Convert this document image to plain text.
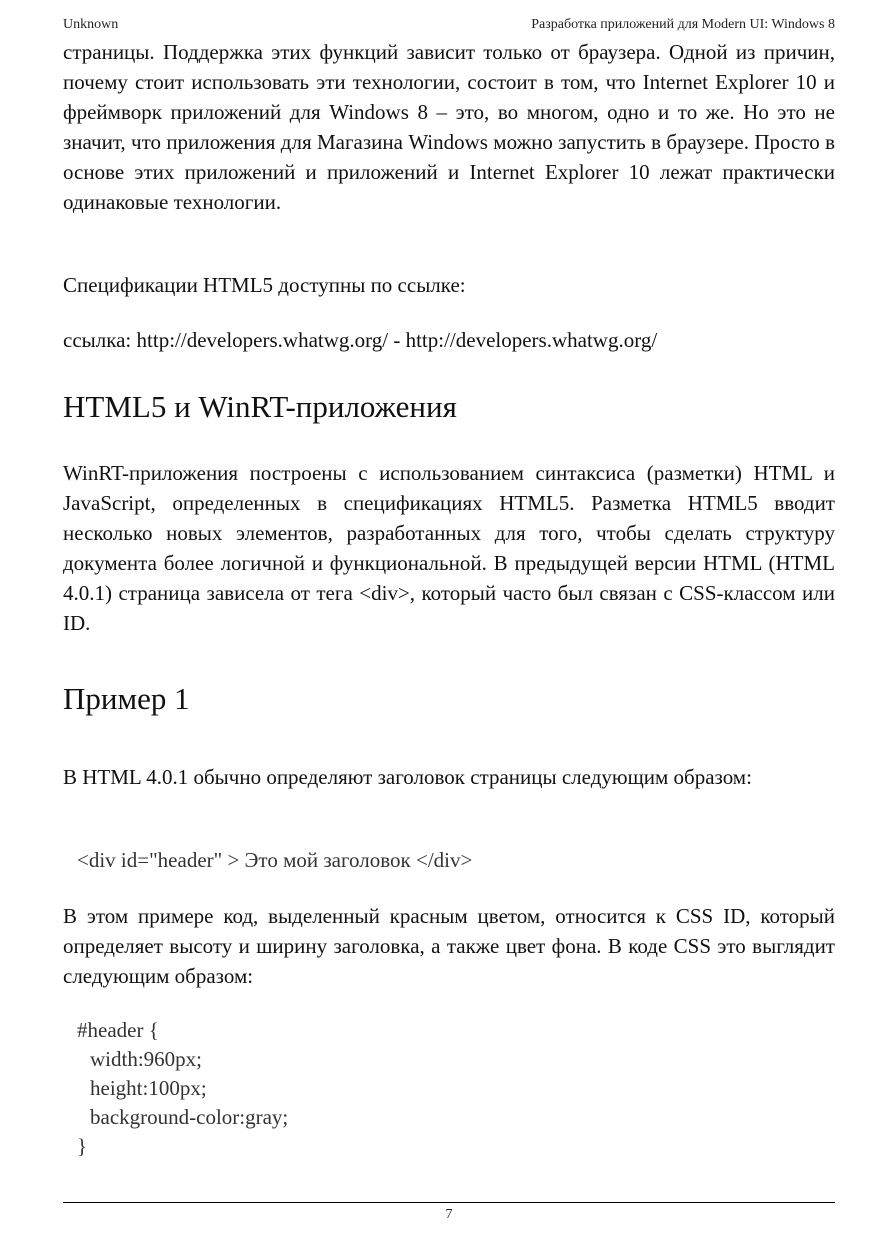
Unknown	Разработка приложений для Modern UI: Windows 8

страницы. Поддержка этих функций зависит только от браузера. Одной из причин, почему стоит использовать эти технологии, состоит в том, что Internet Explorer 10 и фреймворк приложений для Windows 8 – это, во многом, одно и то же. Но это не значит, что приложения для Магазина Windows можно запустить в браузере. Просто в основе этих приложений и приложений и Internet Explorer 10 лежат практически одинаковые технологии.

Спецификации HTML5 доступны по ссылке:

ссылка: http://developers.whatwg.org/ - http://developers.whatwg.org/

HTML5 и WinRT-приложения

WinRT-приложения построены с использованием синтаксиса (разметки) HTML и JavaScript, определенных в спецификациях HTML5. Разметка HTML5 вводит несколько новых элементов, разработанных для того, чтобы сделать структуру документа более логичной и функциональной. В предыдущей версии HTML (HTML 4.0.1) страница зависела от тега <div>, который часто был связан с CSS-классом или ID.

Пример 1

В HTML 4.0.1 обычно определяют заголовок страницы следующим образом:

<div id="header" > Это мой заголовок </div>

В этом примере код, выделенный красным цветом, относится к CSS ID, который определяет высоту и ширину заголовка, а также цвет фона. В коде CSS это выглядит следующим образом:

#header {

width:960px;

height:100px;

background-color:gray;

}

7
